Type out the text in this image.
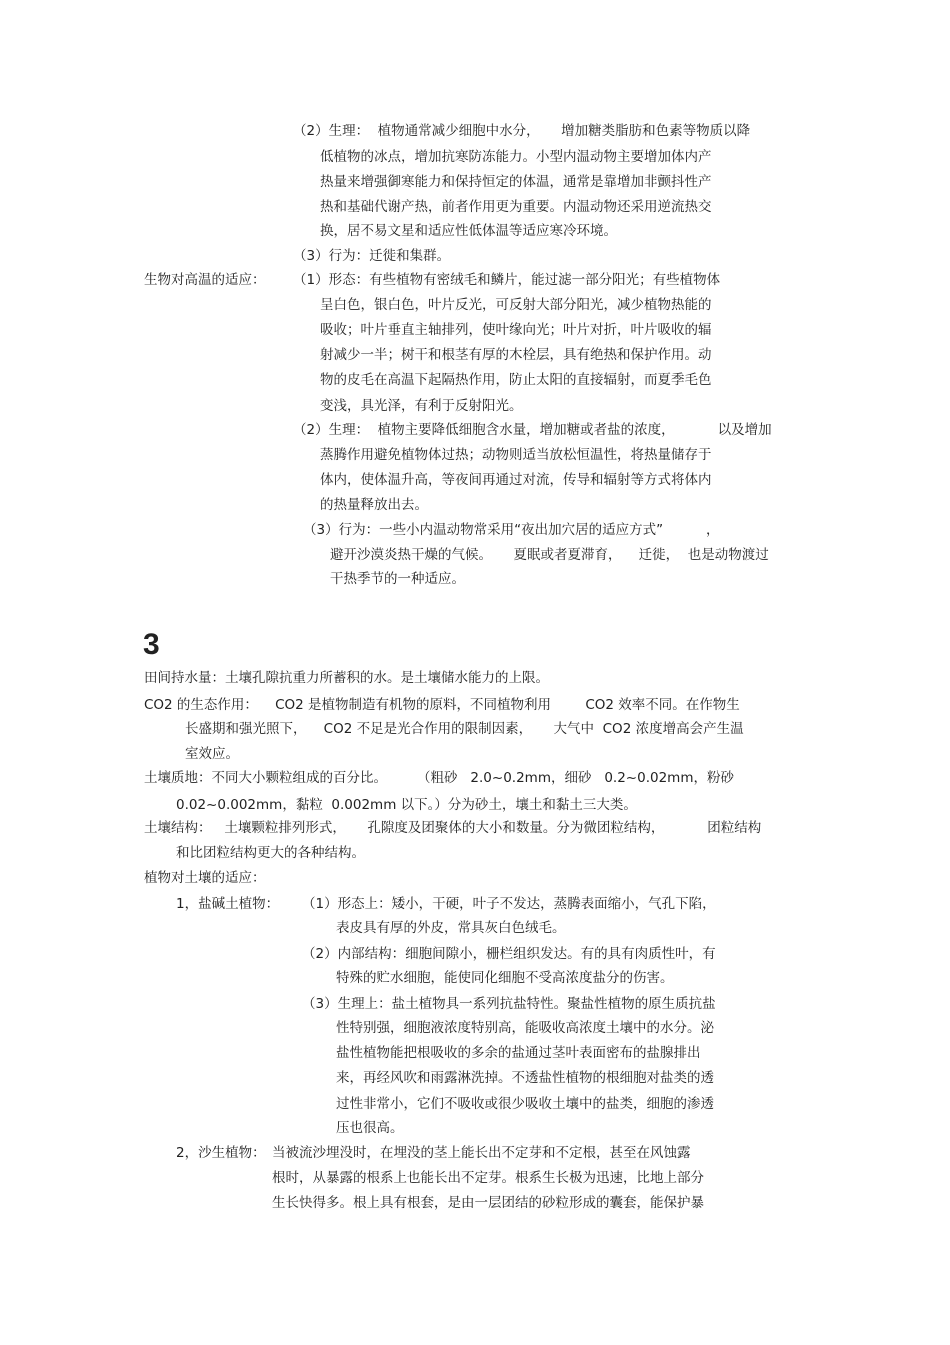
（2）生理：  植物通常减少细胞中水分，     增加糖类脂肪和色素等物质以降
低植物的冰点，增加抗寒防冻能力。小型内温动物主要增加体内产
热量来增强御寒能力和保持恒定的体温，通常是靠增加非颤抖性产
热和基础代谢产热，前者作用更为重要。内温动物还采用逆流热交
换，居不易文星和适应性低体温等适应寒冷环境。
（3）行为：迁徙和集群。
生物对高温的适应： （1）形态：有些植物有密绒毛和鳞片，能过滤一部分阳光；有些植物体
呈白色，银白色，叶片反光，可反射大部分阳光，减少植物热能的
吸收；叶片垂直主轴排列，使叶缘向光；叶片对折，叶片吸收的辐
射减少一半；树干和根茎有厚的木栓层，具有绝热和保护作用。动
物的皮毛在高温下起隔热作用，防止太阳的直接辐射，而夏季毛色
变浅，具光泽，有利于反射阳光。
（2）生理：  植物主要降低细胞含水量，增加糖或者盐的浓度，          以及增加
蒸腾作用避免植物体过热；动物则适当放松恒温性，将热量储存于
体内，使体温升高，等夜间再通过对流，传导和辐射等方式将体内
的热量释放出去。
（3）行为：一些小内温动物常采用“夜出加穴居的适应方式”          ，
避开沙漠炎热干燥的气候。     夏眠或者夏滞育，    迁徙，  也是动物渡过
干热季节的一种适应。
3
田间持水量：土壤孔隙抗重力所蓄积的水。是土壤储水能力的上限。
CO2 的生态作用：    CO2 是植物制造有机物的原料，不同植物利用        CO2 效率不同。在作物生
长盛期和强光照下，    CO2 不足是光合作用的限制因素，     大气中  CO2 浓度增高会产生温
室效应。
土壤质地：不同大小颗粒组成的百分比。       （粗砂   2.0~0.2mm，细砂   0.2~0.02mm，粉砂
0.02~0.002mm，黏粒  0.002mm 以下。）分为砂土，壤土和黏土三大类。
土壤结构：   土壤颗粒排列形式，     孔隙度及团聚体的大小和数量。分为微团粒结构，          团粒结构
和比团粒结构更大的各种结构。
植物对土壤的适应：
1，盐碱土植物： （1）形态上：矮小，干硬，叶子不发达，蒸腾表面缩小，气孔下陷，
表皮具有厚的外皮，常具灰白色绒毛。
（2）内部结构：细胞间隙小，栅栏组织发达。有的具有肉质性叶，有
特殊的贮水细胞，能使同化细胞不受高浓度盐分的伤害。
（3）生理上：盐土植物具一系列抗盐特性。聚盐性植物的原生质抗盐
性特别强，细胞液浓度特别高，能吸收高浓度土壤中的水分。泌
盐性植物能把根吸收的多余的盐通过茎叶表面密布的盐腺排出
来，再经风吹和雨露淋洗掉。不透盐性植物的根细胞对盐类的透
过性非常小，它们不吸收或很少吸收土壤中的盐类，细胞的渗透
压也很高。
2，沙生植物： 当被流沙埋没时，在埋没的茎上能长出不定芽和不定根，甚至在风蚀露
根时，从暴露的根系上也能长出不定芽。根系生长极为迅速，比地上部分
生长快得多。根上具有根套，是由一层团结的砂粒形成的囊套，能保护暴
